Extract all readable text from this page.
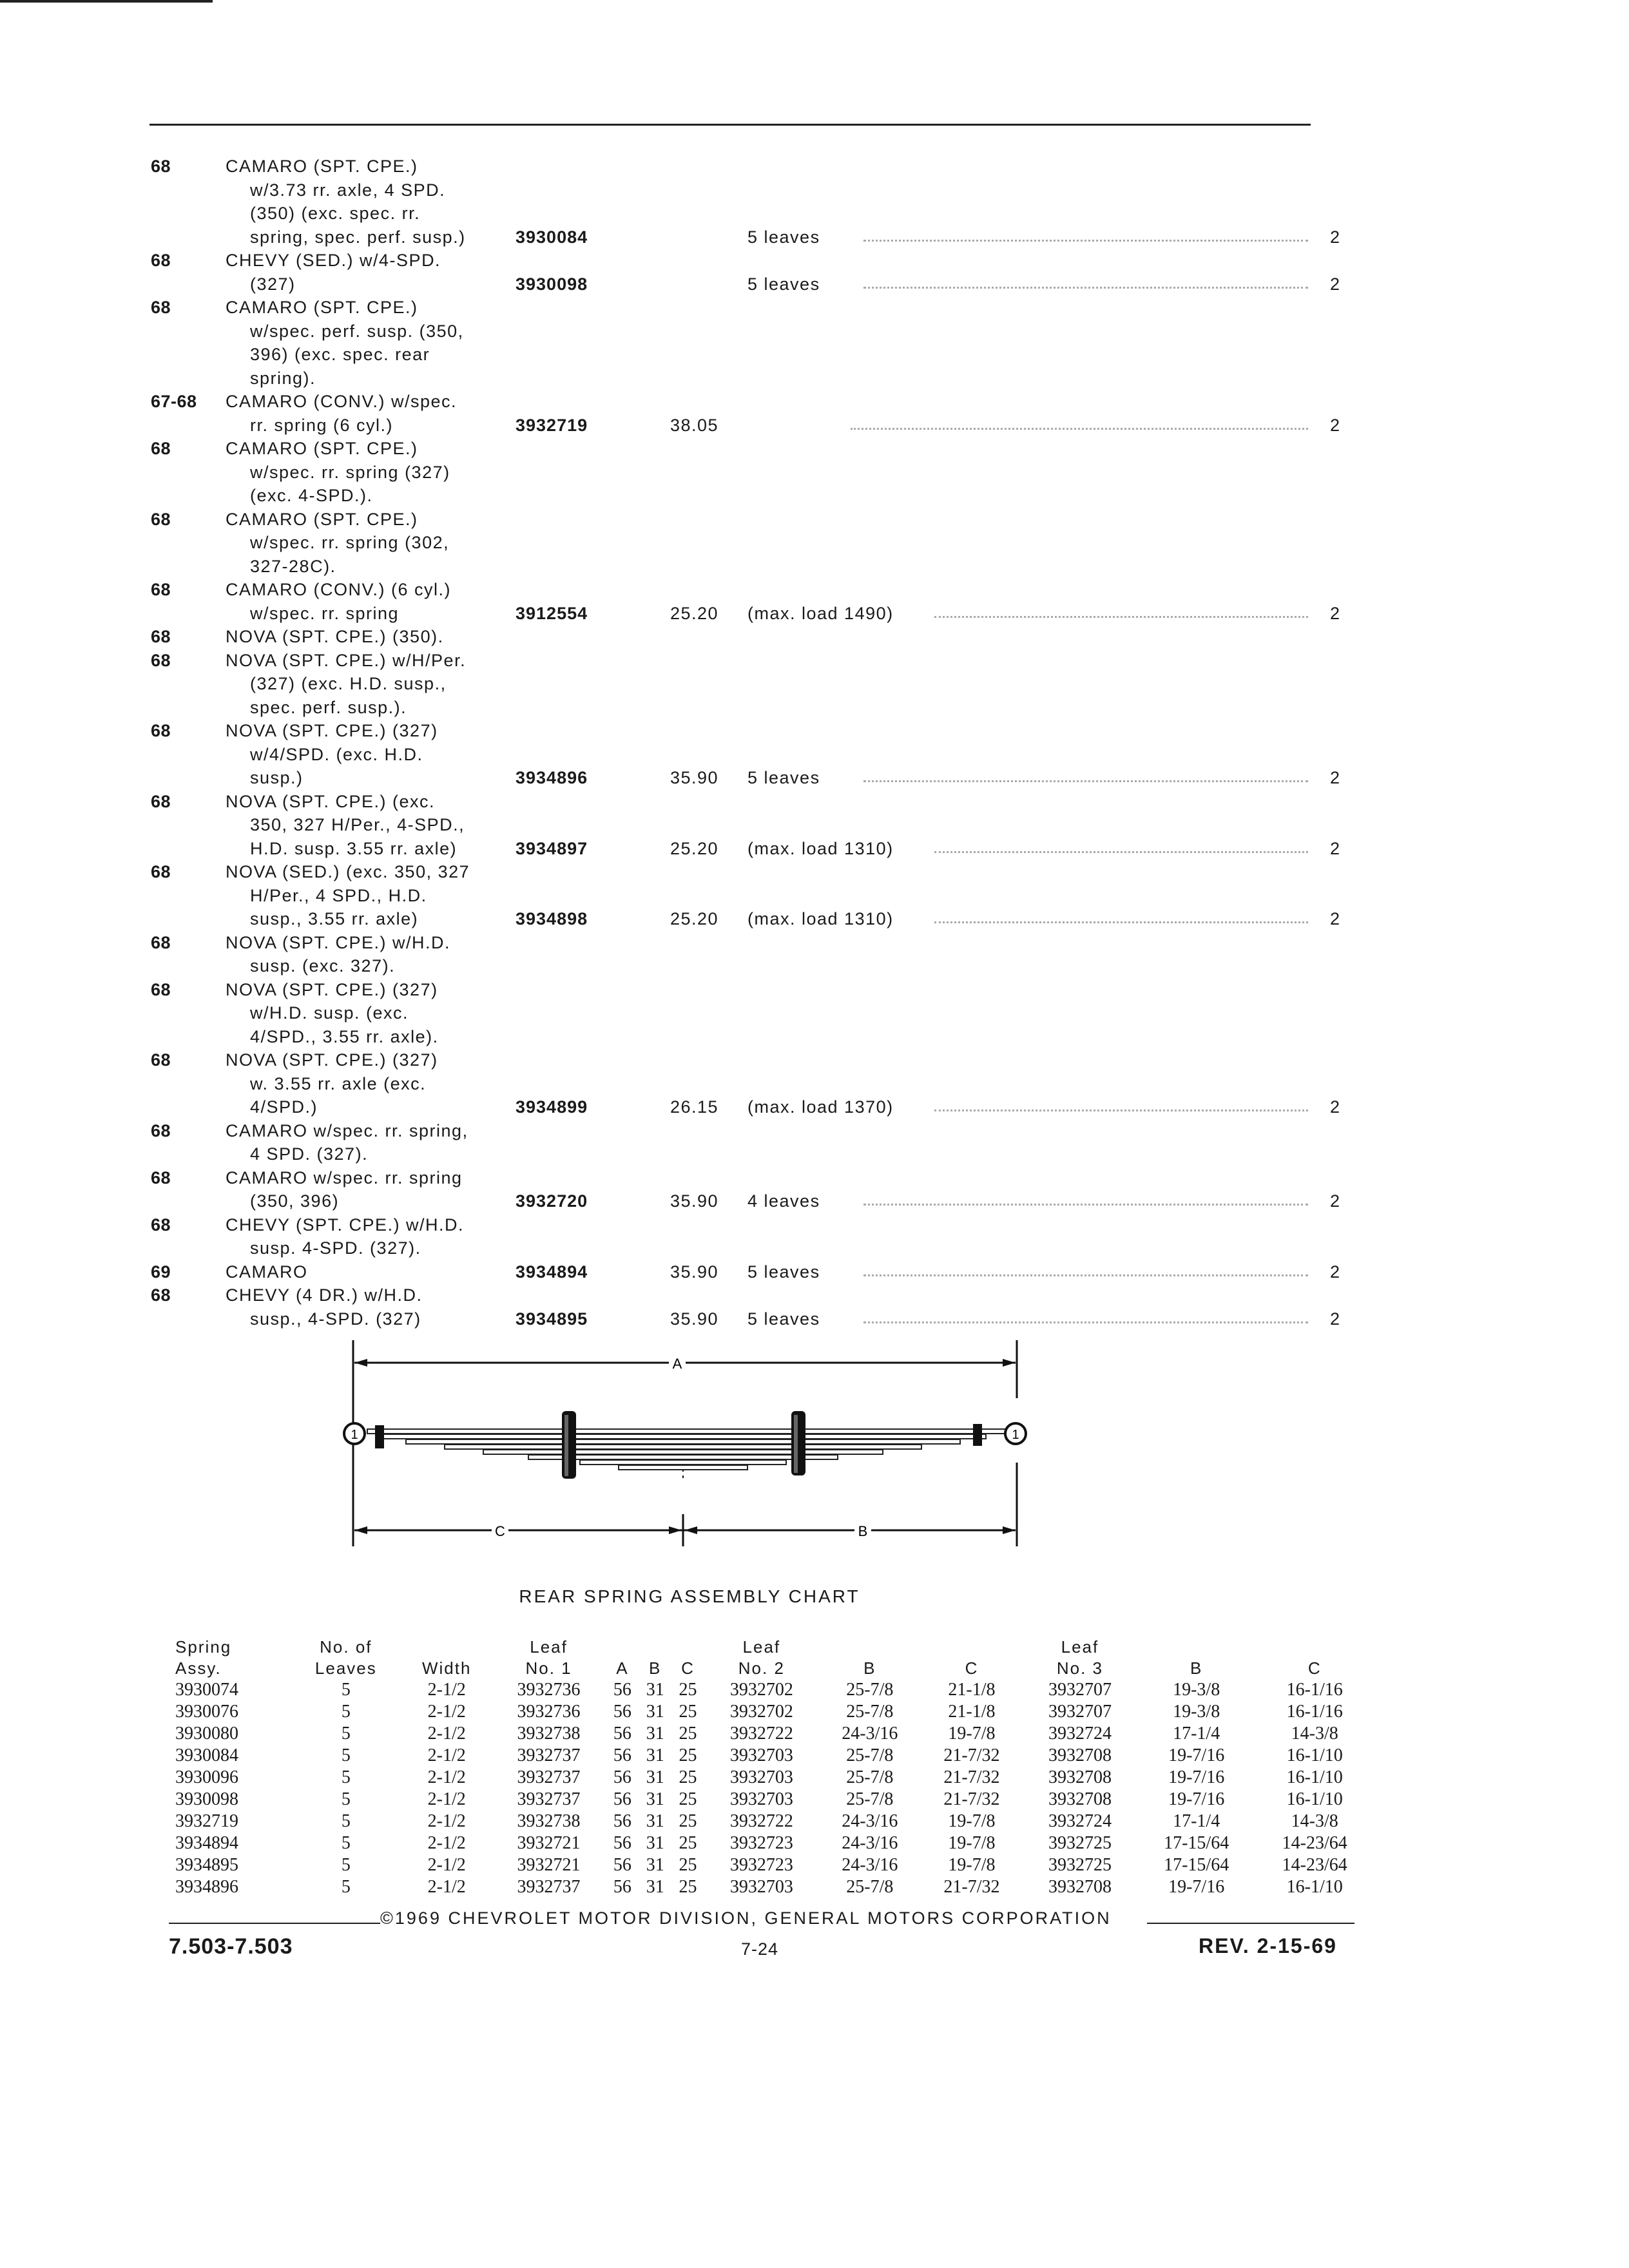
68	CAMARO (SPT. CPE.)
w/3.73 rr. axle, 4 SPD.
(350) (exc. spec. rr.
spring, spec. perf. susp.)	3930084	5 leaves	2
68	CHEVY (SED.) w/4-SPD.
(327)	3930098	5 leaves	2
68	CAMARO (SPT. CPE.)
w/spec. perf. susp. (350,
396) (exc. spec. rear
spring).
67-68 CAMARO (CONV.) w/spec.
rr. spring (6 cyl.)	3932719	38.05	2
68	CAMARO (SPT. CPE.)
w/spec. rr. spring (327)
(exc. 4-SPD.).
68	CAMARO (SPT. CPE.)
w/spec. rr. spring (302,
327-28C).
68	CAMARO (CONV.) (6 cyl.)
w/spec. rr. spring	3912554	25.20 (max. load 1490)	2
68	NOVA (SPT. CPE.) (350).
68	NOVA (SPT. CPE.) w/H/Per.
(327) (exc. H.D. susp.,
spec. perf. susp.).
68	NOVA (SPT. CPE.) (327)
w/4/SPD. (exc. H.D.
susp.)	3934896	35.90 5 leaves	2
68	NOVA (SPT. CPE.) (exc.
350, 327 H/Per., 4-SPD.,
H.D. susp. 3.55 rr. axle)	3934897	25.20 (max. load 1310)	2
68	NOVA (SED.) (exc. 350, 327
H/Per., 4 SPD., H.D.
susp., 3.55 rr. axle)	3934898	25.20 (max. load 1310)	2
68	NOVA (SPT. CPE.) w/H.D.
susp. (exc. 327).
68	NOVA (SPT. CPE.) (327)
w/H.D. susp. (exc.
4/SPD., 3.55 rr. axle).
68	NOVA (SPT. CPE.) (327)
w. 3.55 rr. axle (exc.
4/SPD.)	3934899	26.15 (max. load 1370)	2
68	CAMARO w/spec. rr. spring,
4 SPD. (327).
68	CAMARO w/spec. rr. spring
(350, 396)	3932720	35.90 4 leaves	2
68	CHEVY (SPT. CPE.) w/H.D.
susp. 4-SPD. (327).
69	CAMARO	3934894	35.90 5 leaves	2
68	CHEVY (4 DR.) w/H.D.
susp., 4-SPD. (327)	3934895	35.90 5 leaves	2
A
1	1
C	B
REAR SPRING ASSEMBLY CHART
Spring	No. of		Leaf				Leaf			Leaf		
Assy.	Leaves	Width	No. 1	A	B	C	No. 2	B	C	No. 3	B	C
3930074	5	2-1/2	3932736	56	31	25	3932702	25-7/8	21-1/8	3932707	19-3/8	16-1/16
3930076	5	2-1/2	3932736	56	31	25	3932702	25-7/8	21-1/8	3932707	19-3/8	16-1/16
3930080	5	2-1/2	3932738	56	31	25	3932722	24-3/16	19-7/8	3932724	17-1/4	14-3/8
3930084	5	2-1/2	3932737	56	31	25	3932703	25-7/8	21-7/32	3932708	19-7/16	16-1/10
3930096	5	2-1/2	3932737	56	31	25	3932703	25-7/8	21-7/32	3932708	19-7/16	16-1/10
3930098	5	2-1/2	3932737	56	31	25	3932703	25-7/8	21-7/32	3932708	19-7/16	16-1/10
3932719	5	2-1/2	3932738	56	31	25	3932722	24-3/16	19-7/8	3932724	17-1/4	14-3/8
3934894	5	2-1/2	3932721	56	31	25	3932723	24-3/16	19-7/8	3932725	17-15/64	14-23/64
3934895	5	2-1/2	3932721	56	31	25	3932723	24-3/16	19-7/8	3932725	17-15/64	14-23/64
3934896	5	2-1/2	3932737	56	31	25	3932703	25-7/8	21-7/32	3932708	19-7/16	16-1/10
©1969 CHEVROLET MOTOR DIVISION, GENERAL MOTORS CORPORATION
7.503-7.503	7-24	REV. 2-15-69
